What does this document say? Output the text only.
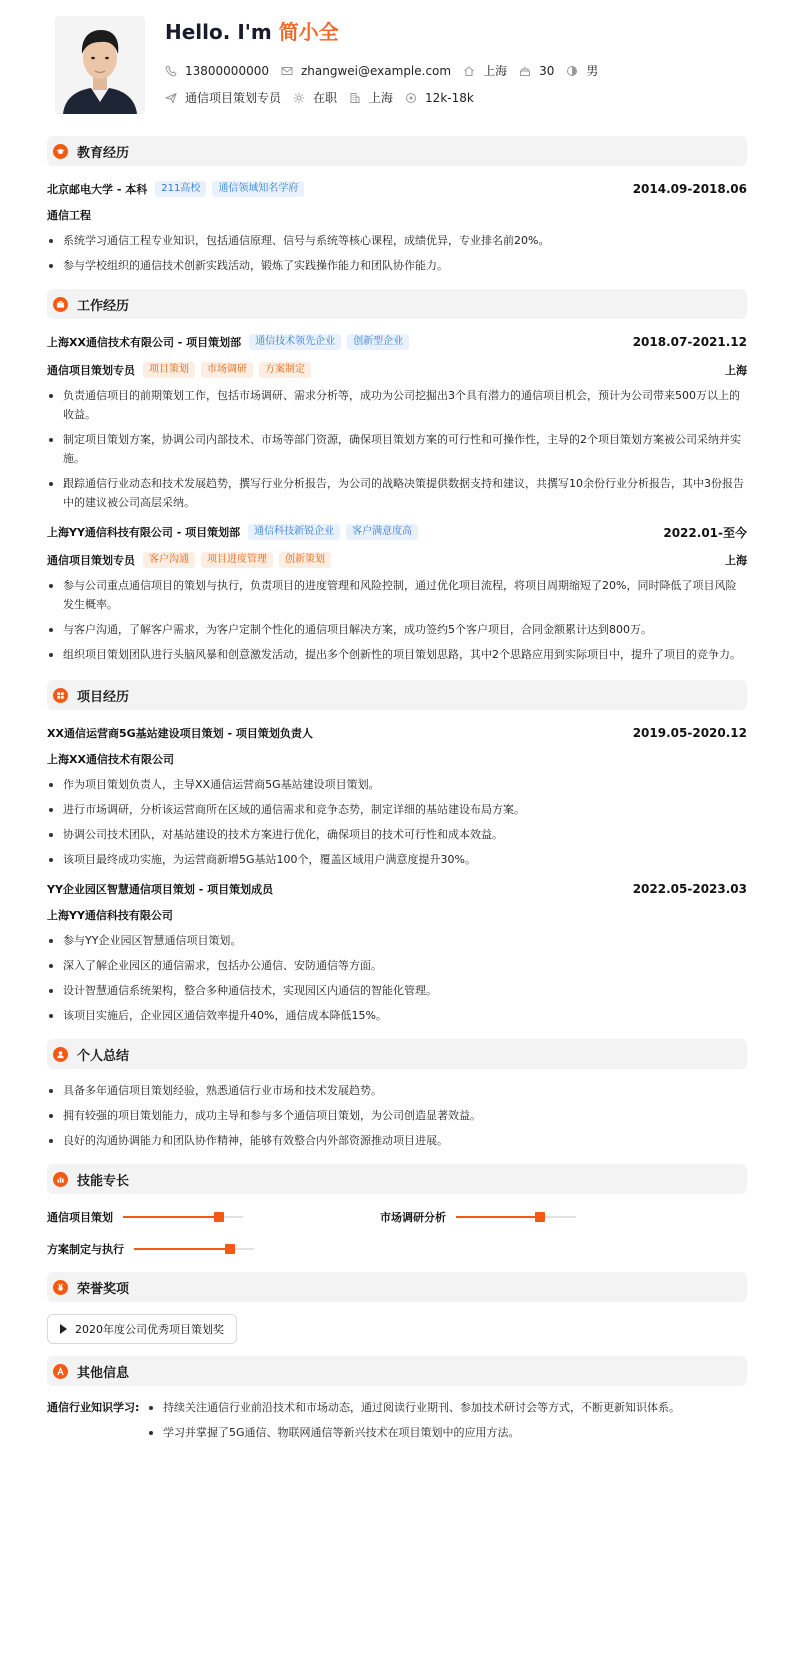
Hello. I'm 简小全
13800000000	zhangwei@example.com	上海	30	男
通信项目策划专员	在职	上海	12k-18k
教育经历
北京邮电大学 - 本科	211高校	通信领域知名学府	2014.09-2018.06
通信工程
系统学习通信工程专业知识，包括通信原理、信号与系统等核心课程，成绩优异，专业排名前20%。
参与学校组织的通信技术创新实践活动，锻炼了实践操作能力和团队协作能力。
工作经历
上海XX通信技术有限公司 - 项目策划部	通信技术领先企业	创新型企业	2018.07-2021.12
通信项目策划专员	项目策划	市场调研	方案制定	上海
负责通信项目的前期策划工作，包括市场调研、需求分析等，成功为公司挖掘出3个具有潜力的通信项目机会，预计为公司带来500万以上的收益。
制定项目策划方案，协调公司内部技术、市场等部门资源，确保项目策划方案的可行性和可操作性，主导的2个项目策划方案被公司采纳并实施。
跟踪通信行业动态和技术发展趋势，撰写行业分析报告，为公司的战略决策提供数据支持和建议，共撰写10余份行业分析报告，其中3份报告中的建议被公司高层采纳。
上海YY通信科技有限公司 - 项目策划部	通信科技新锐企业	客户满意度高	2022.01-至今
通信项目策划专员	客户沟通	项目进度管理	创新策划	上海
参与公司重点通信项目的策划与执行，负责项目的进度管理和风险控制，通过优化项目流程，将项目周期缩短了20%，同时降低了项目风险发生概率。
与客户沟通，了解客户需求，为客户定制个性化的通信项目解决方案，成功签约5个客户项目，合同金额累计达到800万。
组织项目策划团队进行头脑风暴和创意激发活动，提出多个创新性的项目策划思路，其中2个思路应用到实际项目中，提升了项目的竞争力。
项目经历
XX通信运营商5G基站建设项目策划 - 项目策划负责人	2019.05-2020.12
上海XX通信技术有限公司
作为项目策划负责人，主导XX通信运营商5G基站建设项目策划。
进行市场调研，分析该运营商所在区域的通信需求和竞争态势，制定详细的基站建设布局方案。
协调公司技术团队，对基站建设的技术方案进行优化，确保项目的技术可行性和成本效益。
该项目最终成功实施，为运营商新增5G基站100个，覆盖区域用户满意度提升30%。
YY企业园区智慧通信项目策划 - 项目策划成员	2022.05-2023.03
上海YY通信科技有限公司
参与YY企业园区智慧通信项目策划。
深入了解企业园区的通信需求，包括办公通信、安防通信等方面。
设计智慧通信系统架构，整合多种通信技术，实现园区内通信的智能化管理。
该项目实施后，企业园区通信效率提升40%，通信成本降低15%。
个人总结
具备多年通信项目策划经验，熟悉通信行业市场和技术发展趋势。
拥有较强的项目策划能力，成功主导和参与多个通信项目策划，为公司创造显著效益。
良好的沟通协调能力和团队协作精神，能够有效整合内外部资源推动项目进展。
技能专长
通信项目策划	市场调研分析
方案制定与执行
荣誉奖项
2020年度公司优秀项目策划奖
其他信息
通信行业知识学习:	持续关注通信行业前沿技术和市场动态，通过阅读行业期刊、参加技术研讨会等方式，不断更新知识体系。
学习并掌握了5G通信、物联网通信等新兴技术在项目策划中的应用方法。
